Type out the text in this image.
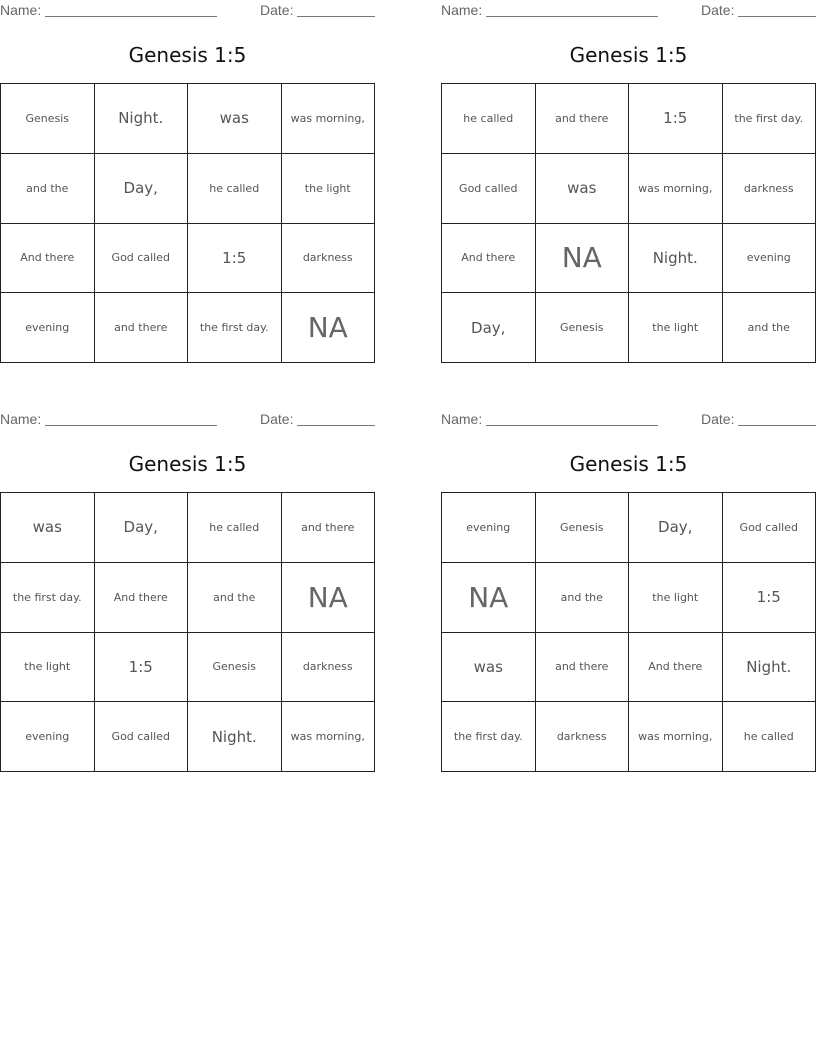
Name:	Date:
Genesis 1:5
Genesis	Night.	was	was morning,
and the	Day,	he called	the light
And there	God called	1:5	darkness
evening	and there	the first day.	NA
Name:	Date:
Genesis 1:5
he called	and there	1:5	the first day.
God called	was	was morning,	darkness
And there	NA	Night.	evening
Day,	Genesis	the light	and the
Name:	Date:
Genesis 1:5
was	Day,	he called	and there
the first day.	And there	and the	NA
the light	1:5	Genesis	darkness
evening	God called	Night.	was morning,
Name:	Date:
Genesis 1:5
evening	Genesis	Day,	God called
NA	and the	the light	1:5
was	and there	And there	Night.
the first day.	darkness	was morning,	he called
